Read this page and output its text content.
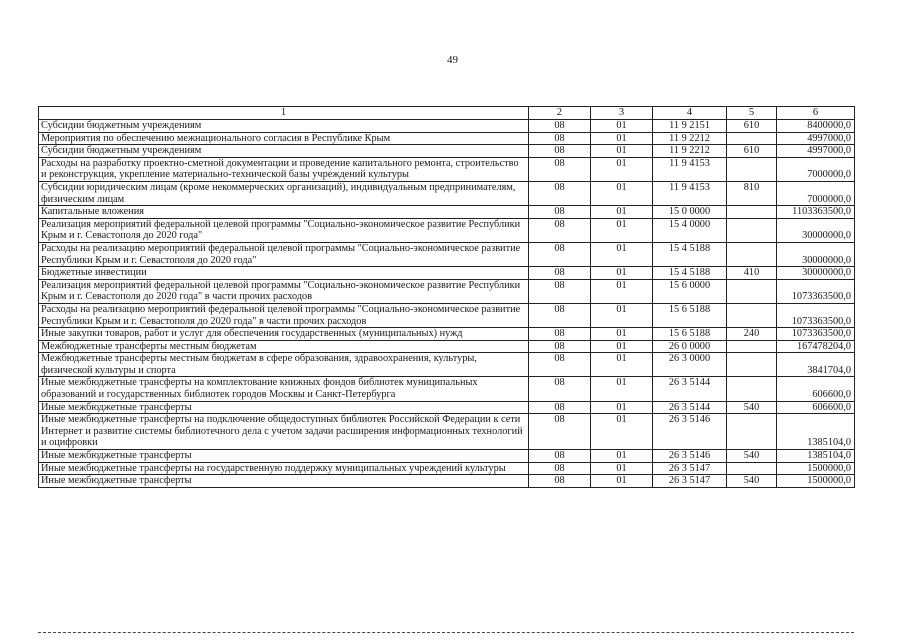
49
1	2	3	4	5	6
Субсидии бюджетным учреждениям	08	01	11 9 2151	610	8400000,0
Мероприятия по обеспечению межнационального согласия в Республике Крым	08	01	11 9 2212		4997000,0
Субсидии бюджетным учреждениям	08	01	11 9 2212	610	4997000,0
Расходы на разработку проектно-сметной документации и проведение капитального ремонта, строительство и реконструкция, укрепление материально-технической базы учреждений культуры	08	01	11 9 4153		7000000,0
Субсидии юридическим лицам (кроме некоммерческих организаций), индивидуальным предпринимателям, физическим лицам	08	01	11 9 4153	810	7000000,0
Капитальные вложения	08	01	15 0 0000		1103363500,0
Реализация мероприятий федеральной целевой программы "Социально-экономическое развитие Республики Крым и г. Севастополя до 2020 года"	08	01	15 4 0000		30000000,0
Расходы на реализацию мероприятий федеральной целевой программы "Социально-экономическое развитие Республики Крым и г. Севастополя до 2020 года"	08	01	15 4 5188		30000000,0
Бюджетные инвестиции	08	01	15 4 5188	410	30000000,0
Реализация мероприятий федеральной целевой программы "Социально-экономическое развитие Республики Крым и г. Севастополя до 2020 года" в части прочих расходов	08	01	15 6 0000		1073363500,0
Расходы на реализацию мероприятий федеральной целевой программы "Социально-экономическое развитие Республики Крым и г. Севастополя до 2020 года" в части прочих расходов	08	01	15 6 5188		1073363500,0
Иные закупки товаров, работ и услуг для обеспечения государственных (муниципальных) нужд	08	01	15 6 5188	240	1073363500,0
Межбюджетные трансферты местным бюджетам	08	01	26 0 0000		167478204,0
Межбюджетные трансферты местным бюджетам в сфере образования, здравоохранения, культуры, физической культуры и спорта	08	01	26 3 0000		3841704,0
Иные межбюджетные трансферты на комплектование книжных фондов библиотек муниципальных образований и государственных библиотек городов Москвы и Санкт-Петербурга	08	01	26 3 5144		606600,0
Иные межбюджетные трансферты	08	01	26 3 5144	540	606600,0
Иные межбюджетные трансферты на подключение общедоступных библиотек Российской Федерации к сети Интернет и развитие системы библиотечного дела с учетом задачи расширения информационных технологий и оцифровки	08	01	26 3 5146		1385104,0
Иные межбюджетные трансферты	08	01	26 3 5146	540	1385104,0
Иные межбюджетные трансферты на государственную поддержку муниципальных учреждений культуры	08	01	26 3 5147		1500000,0
Иные межбюджетные трансферты	08	01	26 3 5147	540	1500000,0
